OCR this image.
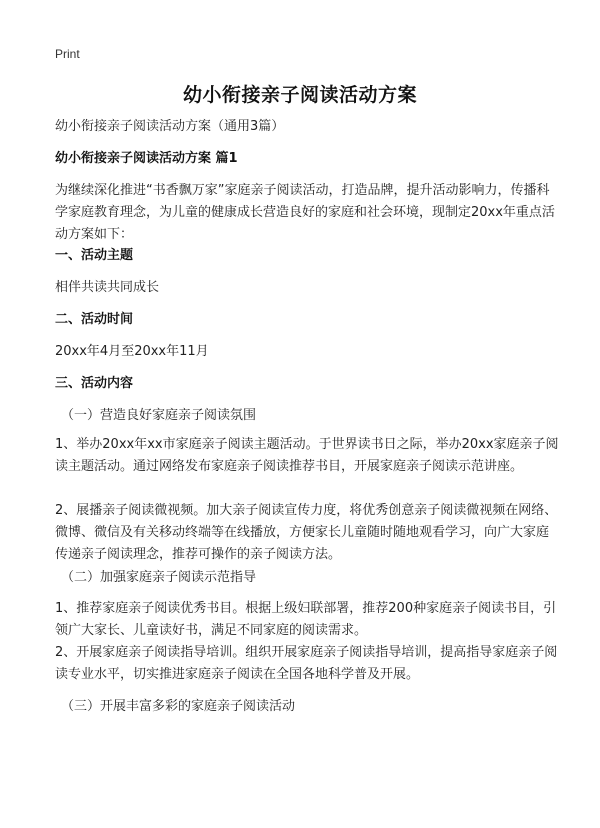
Print
幼小衔接亲子阅读活动方案
幼小衔接亲子阅读活动方案（通用3篇）
幼小衔接亲子阅读活动方案 篇1
为继续深化推进“书香飘万家”家庭亲子阅读活动，打造品牌，提升活动影响力，传播科学家庭教育理念，为儿童的健康成长营造良好的家庭和社会环境，现制定20xx年重点活动方案如下：
一、活动主题
相伴共读共同成长
二、活动时间
20xx年4月至20xx年11月
三、活动内容
（一）营造良好家庭亲子阅读氛围
1、举办20xx年xx市家庭亲子阅读主题活动。于世界读书日之际，举办20xx家庭亲子阅读主题活动。通过网络发布家庭亲子阅读推荐书目，开展家庭亲子阅读示范讲座。
2、展播亲子阅读微视频。加大亲子阅读宣传力度，将优秀创意亲子阅读微视频在网络、微博、微信及有关移动终端等在线播放，方便家长儿童随时随地观看学习，向广大家庭传递亲子阅读理念，推荐可操作的亲子阅读方法。
（二）加强家庭亲子阅读示范指导
1、推荐家庭亲子阅读优秀书目。根据上级妇联部署，推荐200种家庭亲子阅读书目，引领广大家长、儿童读好书，满足不同家庭的阅读需求。
2、开展家庭亲子阅读指导培训。组织开展家庭亲子阅读指导培训，提高指导家庭亲子阅读专业水平，切实推进家庭亲子阅读在全国各地科学普及开展。
（三）开展丰富多彩的家庭亲子阅读活动
